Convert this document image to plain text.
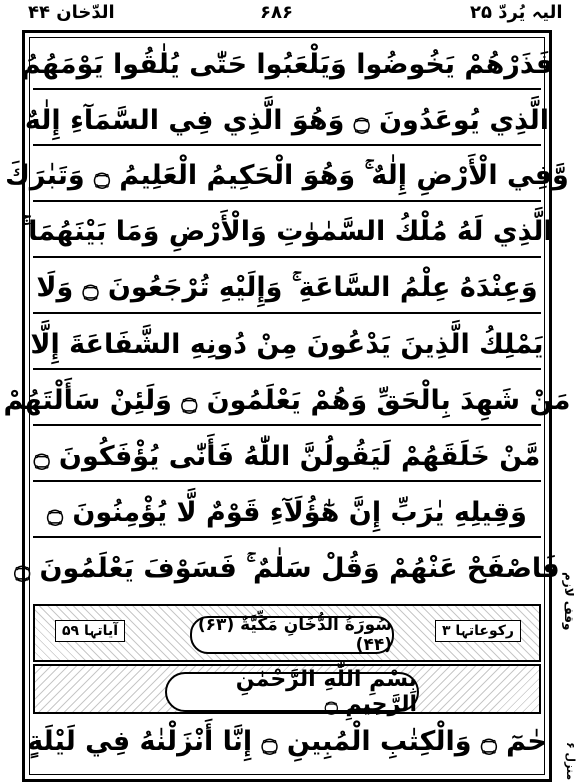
الدّخان ۴۴	۶۸۶	الیہ یُردّ ۲۵
فَذَرْهُمْ يَخُوضُوا وَيَلْعَبُوا حَتّٰى يُلٰقُوا يَوْمَهُمُ
الَّذِي يُوعَدُونَ ۝ وَهُوَ الَّذِي فِي السَّمَآءِ إِلٰهٌ
وَّفِي الْأَرْضِ إِلٰهٌ ۚ وَهُوَ الْحَكِيمُ الْعَلِيمُ ۝ وَتَبٰرَكَ
الَّذِي لَهُ مُلْكُ السَّمٰوٰتِ وَالْأَرْضِ وَمَا بَيْنَهُمَا ۚ
وَعِنْدَهُ عِلْمُ السَّاعَةِ ۚ وَإِلَيْهِ تُرْجَعُونَ ۝ وَلَا
يَمْلِكُ الَّذِينَ يَدْعُونَ مِنْ دُونِهِ الشَّفَاعَةَ إِلَّا
مَنْ شَهِدَ بِالْحَقِّ وَهُمْ يَعْلَمُونَ ۝ وَلَئِنْ سَأَلْتَهُمْ
مَّنْ خَلَقَهُمْ لَيَقُولُنَّ اللّٰهُ فَأَنّٰى يُؤْفَكُونَ ۝
وَقِيلِهِ يٰرَبِّ إِنَّ هٰٓؤُلَآءِ قَوْمٌ لَّا يُؤْمِنُونَ ۝
فَاصْفَحْ عَنْهُمْ وَقُلْ سَلٰمٌ ۚ فَسَوْفَ يَعْلَمُونَ ۝
وقف لازم
سُورَةُ الدُّخَانِ مَكِّيَّةٌ (۶۳) (۴۴)
آیاتہا ۵۹	رکوعاتہا ۳
بِسْمِ اللّٰهِ الرَّحْمٰنِ الرَّحِيمِ ۝
حٰمٓ ۝ وَالْكِتٰبِ الْمُبِينِ ۝ إِنَّا أَنْزَلْنٰهُ فِي لَيْلَةٍ	منزل ۶
